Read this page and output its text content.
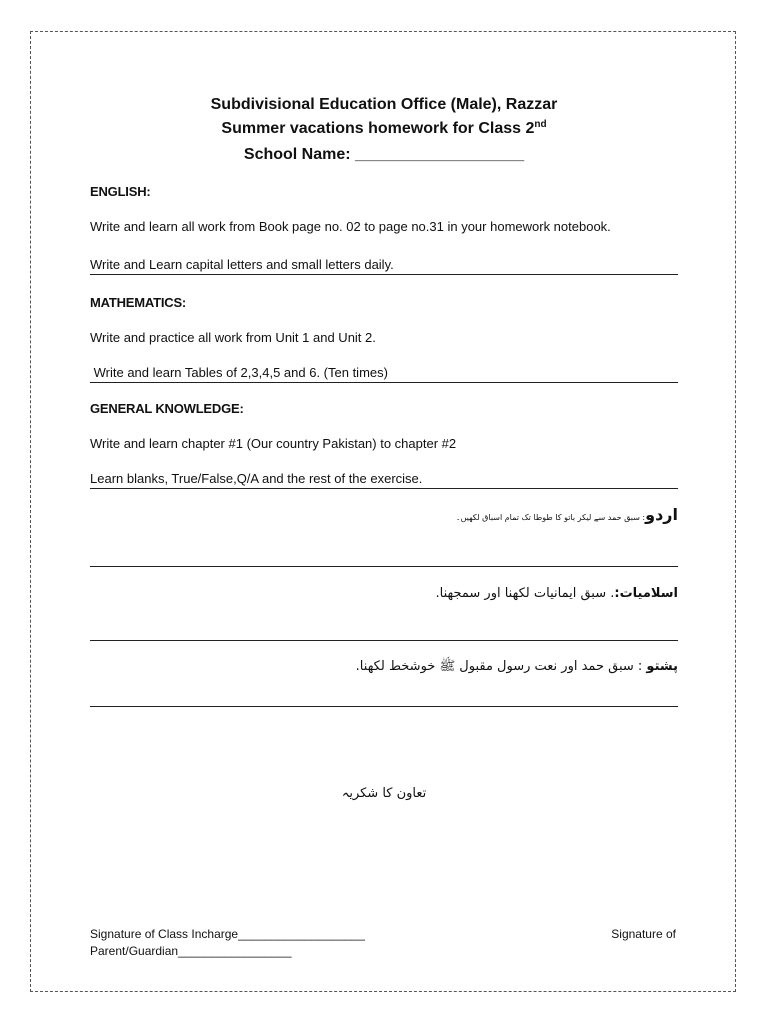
Subdivisional Education Office (Male), Razzar
Summer vacations homework for Class 2nd
School Name: ___________________
ENGLISH:
Write and learn all work from Book page no. 02 to page no.31 in your homework notebook.
Write and Learn capital letters and small letters daily.
MATHEMATICS:
Write and practice all work from Unit 1 and Unit 2.
Write and learn Tables of 2,3,4,5 and 6. (Ten times)
GENERAL KNOWLEDGE:
Write and learn chapter #1 (Our country Pakistan) to chapter #2
Learn blanks, True/False,Q/A and the rest of the exercise.
اردو: سبق حمد سے لیکر باتو کا طوطا تک تمام اسباق لکھیں۔
اسلامیات:. سبق ایمانیات لکھنا اور سمجھنا.
پشتو : سبق حمد اور نعت رسول مقبول ﷺ خوشخط لکھنا.
تعاون کا شکریہ
Signature of Class Incharge___________________	Signature of
Parent/Guardian_________________
